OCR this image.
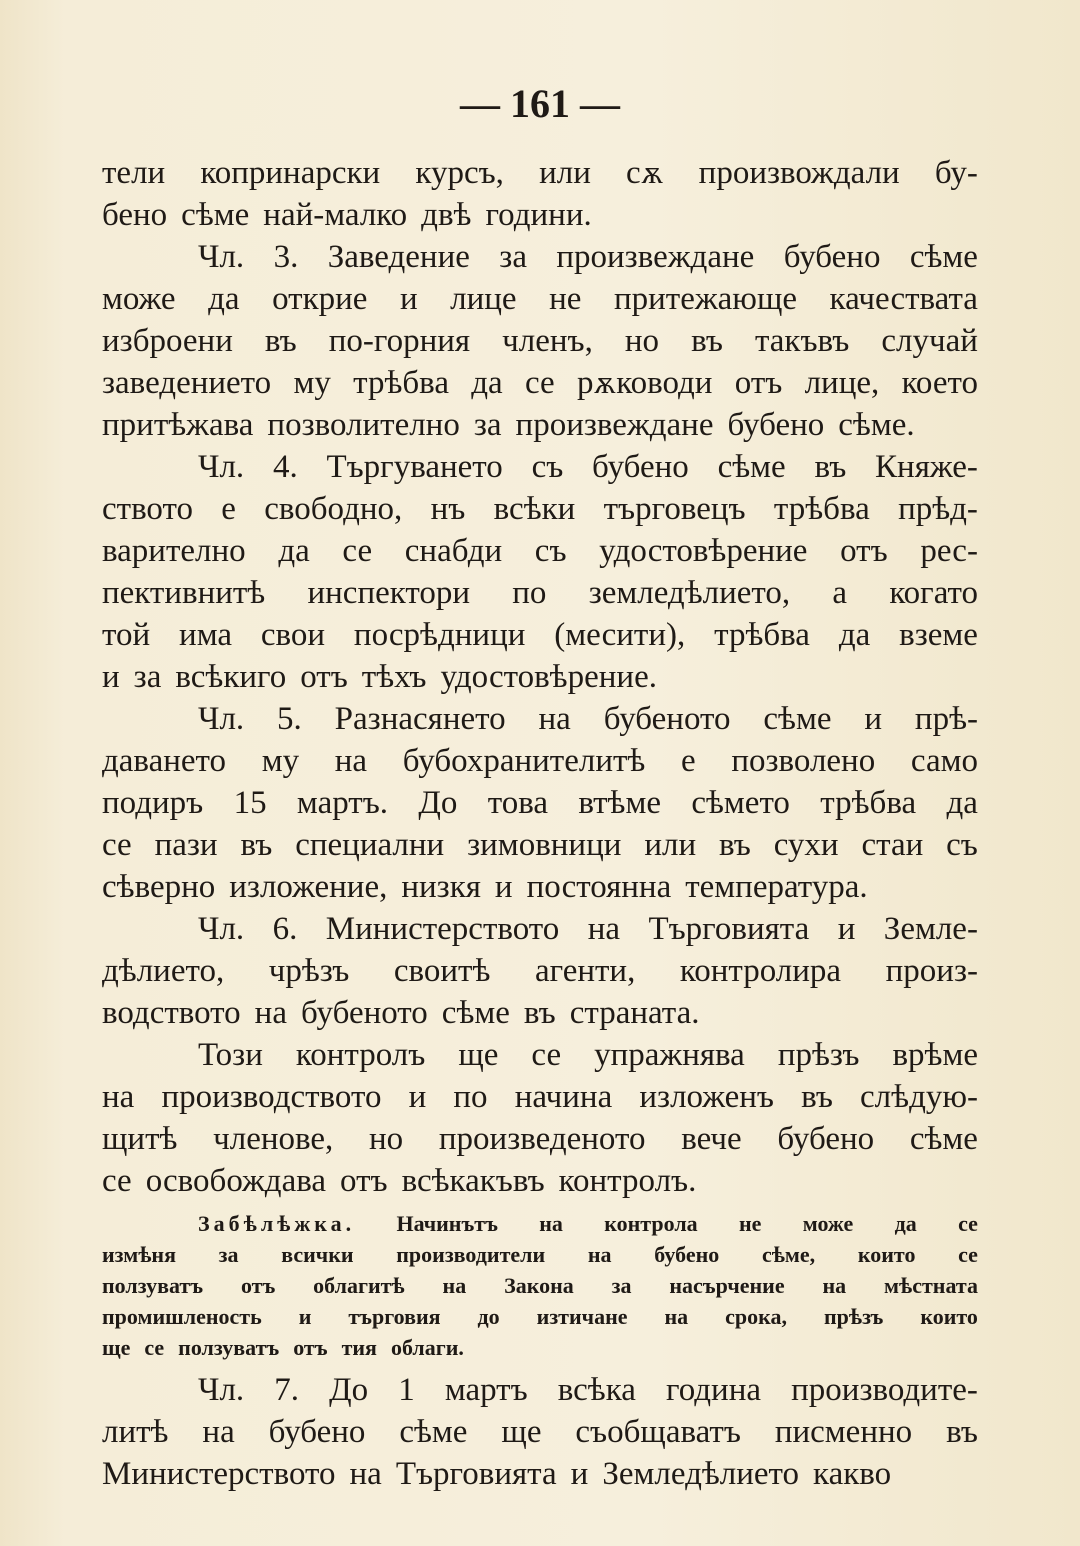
— 161 —
тели копринарски курсъ, или сѫ произвождали бу-
бено сѣме най-малко двѣ години.
Чл. 3. Заведение за произвеждане бубено сѣме
може да открие и лице не притежающе качествата
изброени въ по-горния членъ, но въ такъвъ случай
заведението му трѣбва да се рѫководи отъ лице, което
притѣжава позволително за произвеждане бубено сѣме.
Чл. 4. Търгуването съ бубено сѣме въ Княже-
ството е свободно, нъ всѣки търговецъ трѣбва прѣд-
варително да се снабди съ удостовѣрение отъ рес-
пективнитѣ инспектори по земледѣлието, а когато
той има свои посрѣдници (месити), трѣбва да вземе
и за всѣкиго отъ тѣхъ удостовѣрение.
Чл. 5. Разнасянето на бубеното сѣме и прѣ-
даването му на бубохранителитѣ е позволено само
подиръ 15 мартъ. До това втѣме сѣмето трѣбва да
се пази въ специални зимовници или въ сухи стаи съ
сѣверно изложение, низкя и постоянна температура.
Чл. 6. Министерството на Търговията и Земле-
дѣлието, чрѣзъ своитѣ агенти, контролира произ-
водството на бубеното сѣме въ страната.
Този контролъ ще се упражнява прѣзъ врѣме
на производството и по начина изложенъ въ слѣдую-
щитѣ членове, но произведеното вече бубено сѣме
се освобождава отъ всѣкакъвъ контролъ.
Забѣлѣжка. Начинътъ на контрола не може да се
измѣня за всички производители на бубено сѣме, които се
ползуватъ отъ облагитѣ на Закона за насърчение на мѣстната
промишленость и търговия до изтичане на срока, прѣзъ които
ще се ползуватъ отъ тия облаги.
Чл. 7. До 1 мартъ всѣка година производите-
литѣ на бубено сѣме ще съобщаватъ писменно въ
Министерството на Търговията и Земледѣлието какво
